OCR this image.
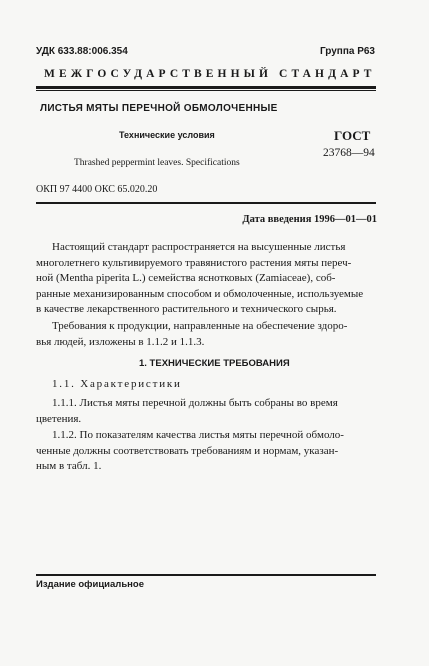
УДК 633.88:006.354	Группа Р63
МЕЖГОСУДАРСТВЕННЫЙ СТАНДАРТ
ЛИСТЬЯ МЯТЫ ПЕРЕЧНОЙ ОБМОЛОЧЕННЫЕ
Технические условия
Thrashed peppermint leaves. Specifications
ГОСТ
23768—94
ОКП 97 4400 ОКС 65.020.20
Дата введения 1996—01—01
Настоящий стандарт распространяется на высушенные листья
многолетнего культивируемого травянистого растения мяты переч-
ной (Mentha piperita L.) семейства яснотковых (Zamiaceae), соб-
ранные механизированным способом и обмолоченные, используемые
в качестве лекарственного растительного и технического сырья.
Требования к продукции, направленные на обеспечение здоро-
вья людей, изложены в 1.1.2 и 1.1.3.
1. ТЕХНИЧЕСКИЕ ТРЕБОВАНИЯ
1.1. Характеристики
1.1.1. Листья мяты перечной должны быть собраны во время
цветения.
1.1.2. По показателям качества листья мяты перечной обмоло-
ченные должны соответствовать требованиям и нормам, указан-
ным в табл. 1.
Издание официальное
